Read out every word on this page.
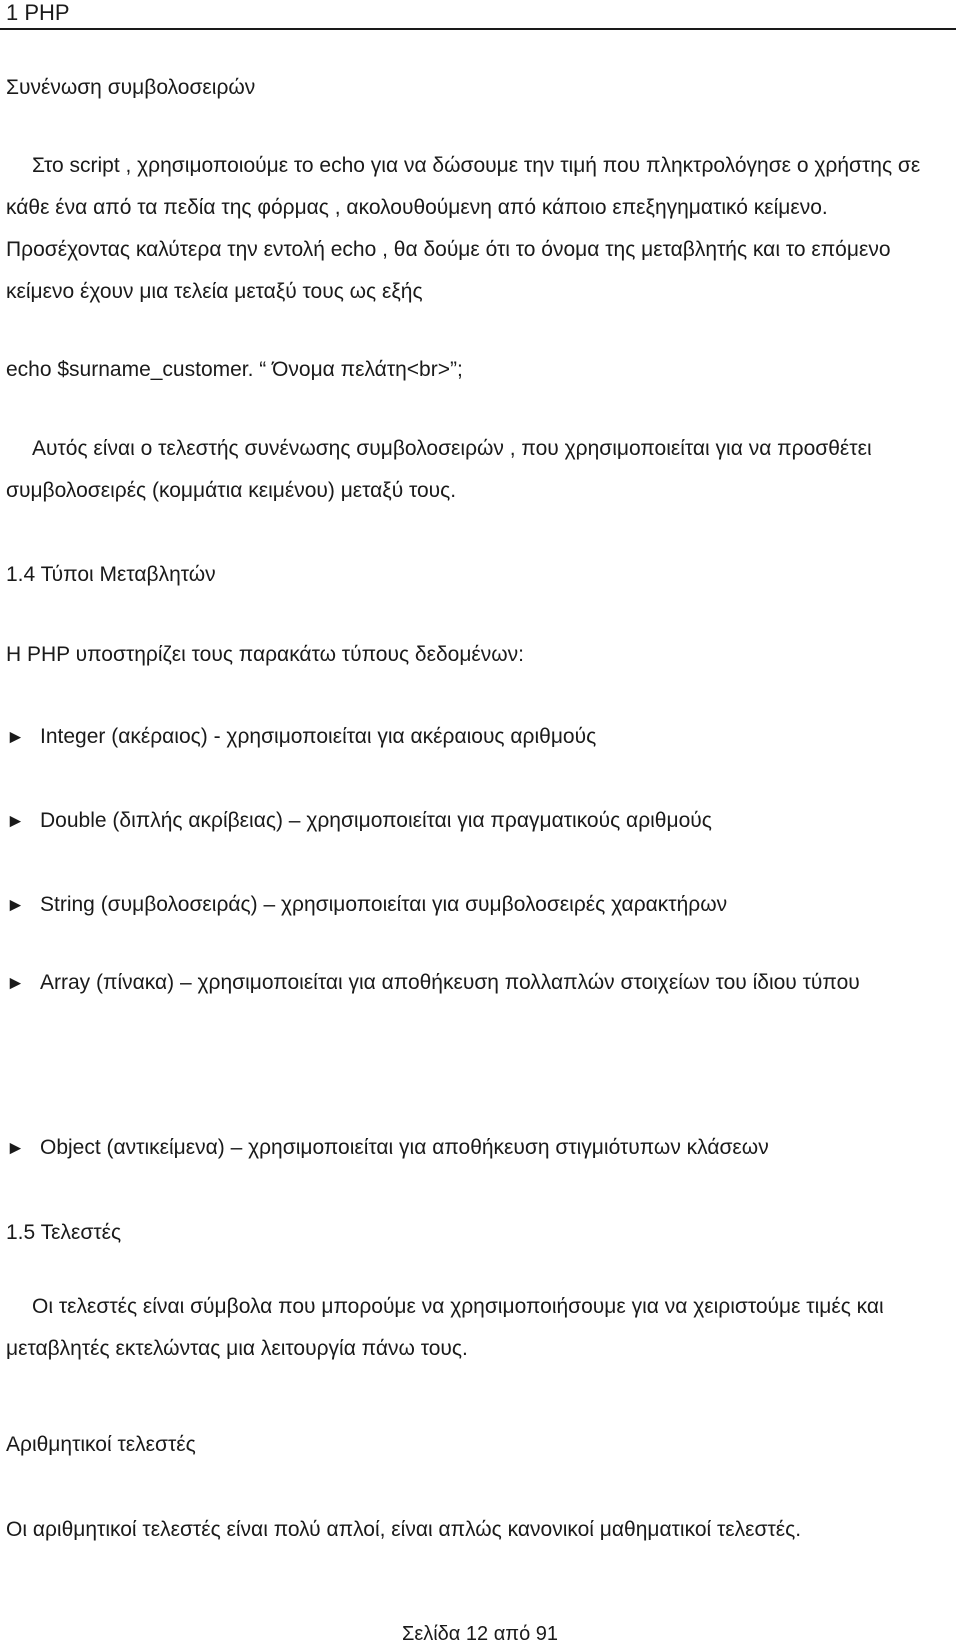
1 PHP
Συνένωση συμβολοσειρών
Στο script , χρησιμοποιούμε το echo για να δώσουμε την τιμή που πληκτρολόγησε ο χρήστης σε κάθε ένα από τα πεδία της φόρμας , ακολουθούμενη από κάποιο επεξηγηματικό κείμενο. Προσέχοντας καλύτερα την εντολή echo , θα δούμε ότι το όνομα της μεταβλητής και το επόμενο κείμενο έχουν μια τελεία μεταξύ τους ως εξής
echo $surname_customer. “ Όνομα πελάτη<br>”;
Αυτός είναι ο τελεστής συνένωσης συμβολοσειρών , που χρησιμοποιείται για να προσθέτει συμβολοσειρές (κομμάτια κειμένου) μεταξύ τους.
1.4 Τύποι Μεταβλητών
Η PHP υποστηρίζει τους παρακάτω τύπους δεδομένων:
► Integer (ακέραιος) - χρησιμοποιείται για ακέραιους αριθμούς
► Double (διπλής ακρίβειας) – χρησιμοποιείται για πραγματικούς αριθμούς
► String (συμβολοσειράς) – χρησιμοποιείται για συμβολοσειρές χαρακτήρων
► Array (πίνακα) – χρησιμοποιείται για αποθήκευση πολλαπλών στοιχείων του ίδιου τύπου
► Object (αντικείμενα) – χρησιμοποιείται για αποθήκευση στιγμιότυπων κλάσεων
1.5 Τελεστές
Οι τελεστές είναι σύμβολα που μπορούμε να χρησιμοποιήσουμε για να χειριστούμε τιμές και μεταβλητές εκτελώντας μια λειτουργία πάνω τους.
Αριθμητικοί τελεστές
Οι αριθμητικοί τελεστές είναι πολύ απλοί, είναι απλώς κανονικοί μαθηματικοί τελεστές.
Σελίδα 12 από 91
